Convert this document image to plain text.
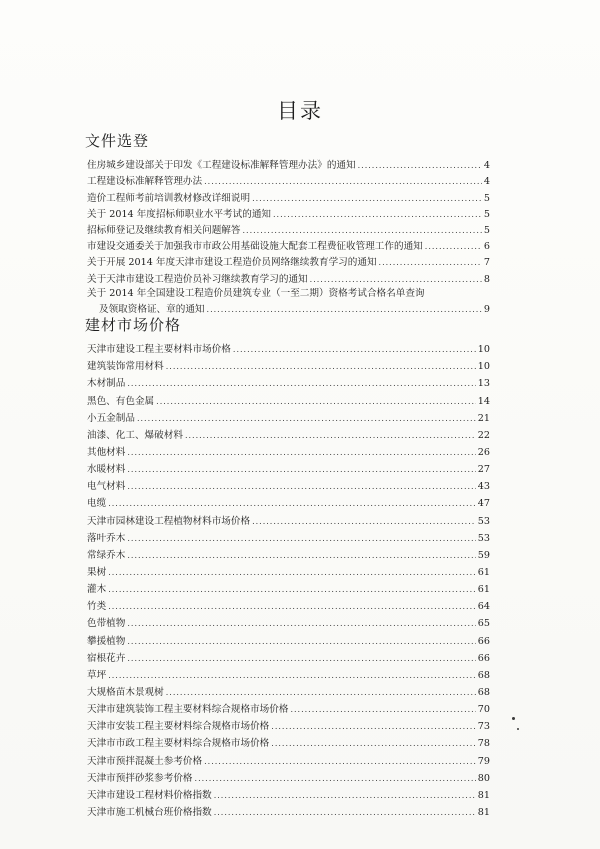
目录
文件选登
住房城乡建设部关于印发《工程建设标准解释管理办法》的通知 .....	4
工程建设标准解释管理办法 .....	4
造价工程师考前培训教材修改详细说明 .....	5
关于 2014 年度招标师职业水平考试的通知 .....	5
招标师登记及继续教育相关问题解答 .....	5
市建设交通委关于加强我市市政公用基础设施大配套工程费征收管理工作的通知 .....	6
关于开展 2014 年度天津市建设工程造价员网络继续教育学习的通知 .....	7
关于天津市建设工程造价员补习继续教育学习的通知 .....	8
关于 2014 年全国建设工程造价员建筑专业（一至二期）资格考试合格名单查询
及领取资格证、章的通知 .....	9
建材市场价格
天津市建设工程主要材料市场价格 .....	10
建筑装饰常用材料 .....	10
木材制品 .....	13
黑色、有色金属 .....	14
小五金制品 .....	21
油漆、化工、爆破材料 .....	22
其他材料 .....	26
水暖材料 .....	27
电气材料 .....	43
电缆 .....	47
天津市园林建设工程植物材料市场价格 .....	53
落叶乔木 .....	53
常绿乔木 .....	59
果树 .....	61
灌木 .....	61
竹类 .....	64
色带植物 .....	65
攀援植物 .....	66
宿根花卉 .....	66
草坪 .....	68
大规格苗木景观树 .....	68
天津市建筑装饰工程主要材料综合规格市场价格 .....	70
天津市安装工程主要材料综合规格市场价格 .....	73
天津市市政工程主要材料综合规格市场价格 .....	78
天津市预拌混凝土参考价格 .....	79
天津市预拌砂浆参考价格 .....	80
天津市建设工程材料价格指数 .....	81
天津市施工机械台班价格指数 .....	81
